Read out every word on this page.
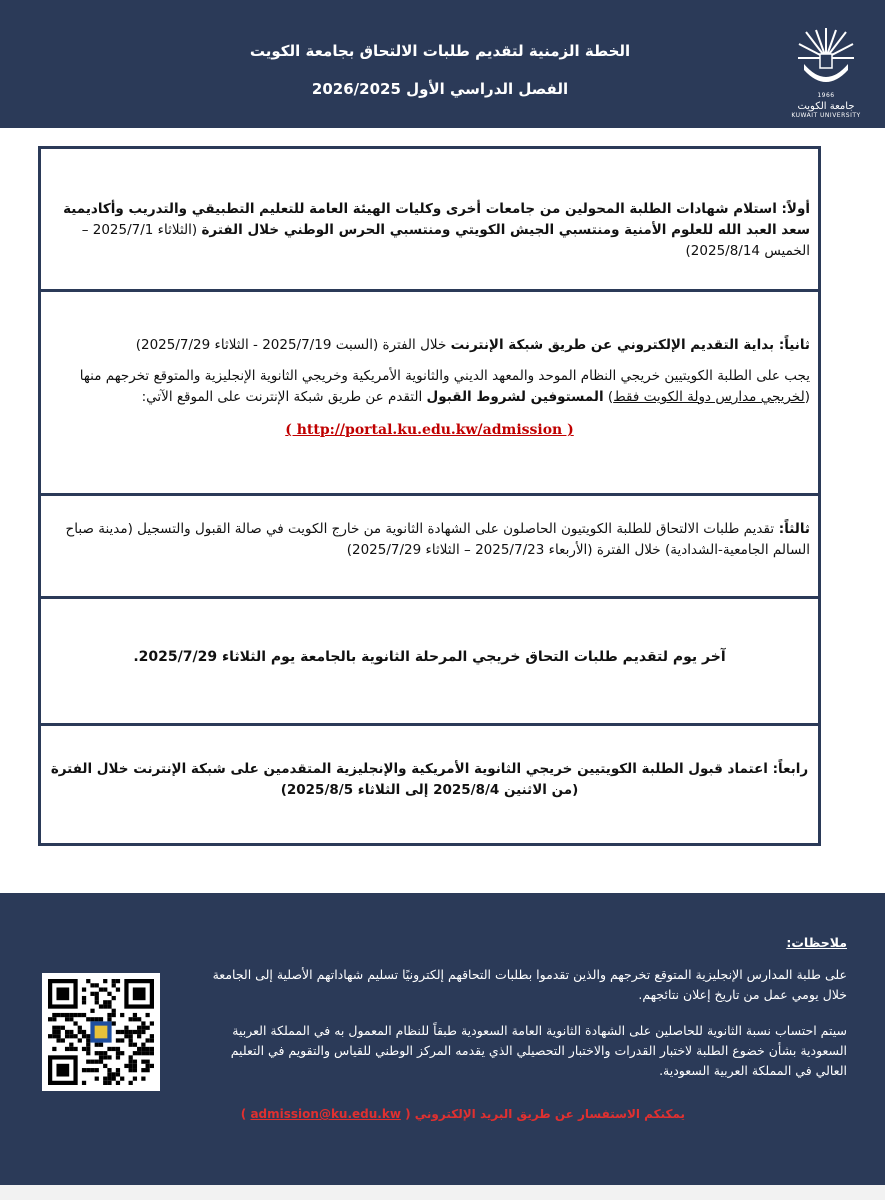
الخطة الزمنية لتقديم طلبات الالتحاق بجامعة الكويت
الفصل الدراسي الأول 2026/2025	1966
جامعة الكويت
KUWAIT UNIVERSITY
أولاً: استلام شهادات الطلبة المحولين من جامعات أخرى وكليات الهيئة العامة للتعليم التطبيقي والتدريب وأكاديمية سعد العبد الله للعلوم الأمنية ومنتسبي الجيش الكويتي ومنتسبي الحرس الوطني خلال الفترة (الثلاثاء 2025/7/1 – الخميس 2025/8/14)
ثانياً: بداية التقديم الإلكتروني عن طريق شبكة الإنترنت خلال الفترة (السبت 2025/7/19 - الثلاثاء 2025/7/29)
يجب على الطلبة الكويتيين خريجي النظام الموحد والمعهد الديني والثانوية الأمريكية وخريجي الثانوية الإنجليزية والمتوقع تخرجهم منها (لخريجي مدارس دولة الكويت فقط) المستوفين لشروط القبول التقدم عن طريق شبكة الإنترنت على الموقع الآتي:
( http://portal.ku.edu.kw/admission )
ثالثاً: تقديم طلبات الالتحاق للطلبة الكويتيون الحاصلون على الشهادة الثانوية من خارج الكويت في صالة القبول والتسجيل (مدينة صباح السالم الجامعية-الشدادية) خلال الفترة (الأربعاء 2025/7/23 – الثلاثاء 2025/7/29)
آخر يوم لتقديم طلبات التحاق خريجي المرحلة الثانوية بالجامعة يوم الثلاثاء 2025/7/29.
رابعاً: اعتماد قبول الطلبة الكويتيين خريجي الثانوية الأمريكية والإنجليزية المتقدمين على شبكة الإنترنت خلال الفترة
(من الاثنين 2025/8/4 إلى الثلاثاء 2025/8/5)
ملاحظات:
على طلبة المدارس الإنجليزية المتوقع تخرجهم والذين تقدموا بطلبات التحاقهم إلكترونيًا تسليم شهاداتهم الأصلية إلى الجامعة خلال يومي عمل من تاريخ إعلان نتائجهم.
سيتم احتساب نسبة الثانوية للحاصلين على الشهادة الثانوية العامة السعودية طبقاً للنظام المعمول به في المملكة العربية السعودية بشأن خضوع الطلبة لاختبار القدرات والاختبار التحصيلي الذي يقدمه المركز الوطني للقياس والتقويم في التعليم العالي في المملكة العربية السعودية.
يمكنكم الاستفسار عن طريق البريد الإلكتروني ( admission@ku.edu.kw )
